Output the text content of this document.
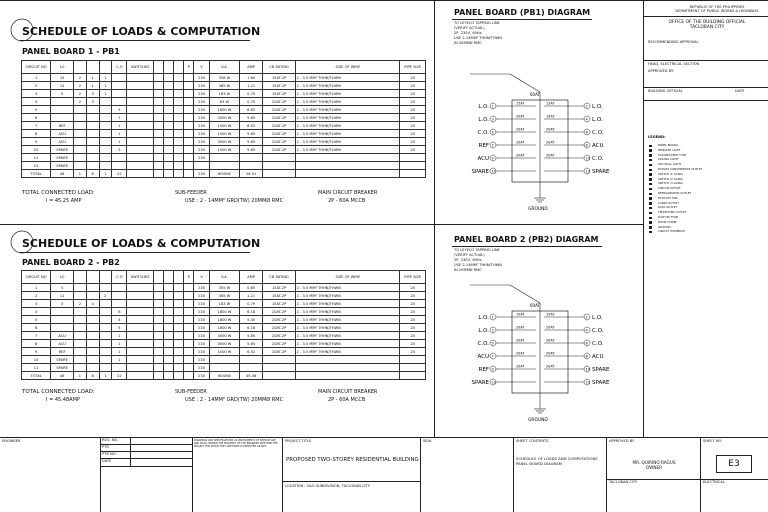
SCHEDULE OF LOADS & COMPUTATION
PANEL BOARD 1 - PB1
CIRCUIT NO	LO				C.O	SWITCHES				P	V	V.A.	AMP	CB RATING	SIZE OF WIRE	PIPE SIZE
1	15	2	1	1							230	358 W	1.60	15AT-2P	2 - 3.5 MM² THHN/THWN	20
2	12	2	1	1							230	365 W	1.21	15AT-2P	2 - 3.5 MM² THHN/THWN	20
3	5	2	3	1							230	183 W	0.79	15AT-2P	2 - 3.5 MM² THHN/THWN	20
4		2	3								230	83 W	0.75	20AT-2P	2 - 3.5 MM² THHN/THWN	20
5					5						230	1800 W	6.82	20AT-2P	2 - 3.5 MM² THHN/THWN	20
6					7						230	2000 W	5.85	20AT-2P	2 - 3.5 MM² THHN/THWN	20
7	REF				1						230	1000 W	6.52	20AT-2P	2 - 3.5 MM² THHN/THWN	20
8	ACU				1						230	1000 W	5.85	20AT-2P	2 - 3.5 MM² THHN/THWN	20
9	ACU				1						230	3000 W	5.85	20AT-2P	2 - 3.5 MM² THHN/THWN	20
10	SPARE				3						230	1500 W	5.85	20AT-2P	2 - 3.5 MM² THHN/THWN	20
11	SPARE										230					
12	SPARE															
TOTAL	46	1	8	1	22						230	6045W	26.51			
TOTAL CONNECTED LOAD:
I = 45.25 AMP
SUB-FEEDER
USE : 2 - 14MM² GRD(TW) 20MMØ RMC
MAIN CIRCUIT BREAKER
2P - 60A MCCB
SCHEDULE OF LOADS & COMPUTATION
PANEL BOARD 2 - PB2
CIRCUIT NO	LO				C.O	SWITCHES				P	V	V.A.	AMP	CB RATING	SIZE OF WIRE	PIPE SIZE
1	5										230	355 W	0.65	15AT-2P	2 - 3.5 MM² THHN/THWN	20
2	11			2							230	365 W	1.21	15AT-2P	2 - 3.5 MM² THHN/THWN	20
3	5	2	4								230	183 W	0.79	15AT-2P	2 - 3.5 MM² THHN/THWN	20
4					8						230	1800 W	6.18	20AT-2P	2 - 3.5 MM² THHN/THWN	20
5					4						230	1800 W	5.45	20AT-2P	2 - 3.5 MM² THHN/THWN	20
6					5						230	1800 W	6.18	20AT-2P	2 - 3.5 MM² THHN/THWN	20
7	ACU				1						230	3000 W	5.85	20AT-2P	2 - 3.5 MM² THHN/THWN	20
8	ACU				1						230	3000 W	5.85	20AT-2P	2 - 3.5 MM² THHN/THWN	20
9	REF				1						230	1000 W	6.52	20AT-2P	2 - 3.5 MM² THHN/THWN	20
10	SPARE				1						230					
11	SPARE										230					
TOTAL	46	1	8	1	22						230	6045W	45.48			
TOTAL CONNECTED LOAD:
I = 45.48AMP
SUB-FEEDER
USE : 2 - 14MM² GRD(TW) 20MMØ RMC
MAIN CIRCUIT BREAKER
2P - 60A MCCB
PANEL BOARD (PB1) DIAGRAM
TO LEYECO TAPPING LINE
(VERIFY ACTUAL)
2P, 230V, 60Hz,
USE 2-14MM² THHN/THWN
IN 20MMØ RMC
60AT
1	2
L.O.	L.O.
15AT	15AT
3	4
L.O.	L.O.
20AT	15AT
5	6
C.O.	C.O.
20AT	20AT
7	8
REF	ACU
20AT	20AT
9	10
ACU	C.O.
20AT	20AT
11	12
SPARE	SPARE
GROUND
PANEL BOARD 2 (PB2) DIAGRAM
TO LEYECO TAPPING LINE
(VERIFY ACTUAL)
2P, 230V, 60Hz,
USE 2-14MM² THHN/THWN
IN 20MMØ RMC
60AT
1	2
L.O.	L.O.
15AT	15AT
3	4
L.O.	C.O.
20AT	20AT
5	6
C.O.	C.O.
20AT	20AT
7	8
ACU	ACU
20AT	20AT
9	10
REF	SPARE
20AT	20AT
11	12
SPARE	SPARE
GROUND
REPUBLIC OF THE PHILIPPINES
DEPARTMENT OF PUBLIC WORKS & HIGHWAYS
OFFICE OF THE BUILDING OFFICIAL
TACLOBAN CITY
RECOMMENDING APPROVAL
HEAD, ELECTRICAL SECTION
APPROVED BY:
BUILDING OFFICIAL	DATE
LEGEND:
PANEL BOARD
PENDANT LIGHT
FLUORESCENT TYPE
CEILING LIGHT
LED WALL LIGHT
DUPLEX CONVENIENCE OUTLET
SWITCH (1 GANG)
SWITCH (2 GANG)
SWITCH (3 GANG)
AIRCON OUTLET
REFRIGERATOR OUTLET
EXHAUST FAN
CABLE OUTLET
DATA OUTLET
TELEPHONE OUTLET
PUSH BUTTON
DOOR CHIME
GROUND
CIRCUIT HOMERUN
ENGINEER	REG. NO.
PTR
PTR NO.
DATE
DRAWINGS AND SPECIFICATIONS AS INSTRUMENTS OF SERVICE ARE AND SHALL REMAIN THE PROPERTY OF THE ENGINEER WHETHER THE PROJECT FOR WHICH THEY ARE MADE IS EXECUTED OR NOT.
PROJECT TITLE
PROPOSED TWO-STOREY RESIDENTIAL BUILDING
LOCATION : V&G SUBDIVISION, TACLOBAN CITY
SEAL	SHEET CONTENTS
SCHEDULE OF LOADS AND COMPUTATIONS
PANEL BOARD DIAGRAM
APPROVED BY
MR. QUIRINO RAGUS
OWNER
TACLOBAN CITY
SHEET NO.
E3
ELECTRICAL
